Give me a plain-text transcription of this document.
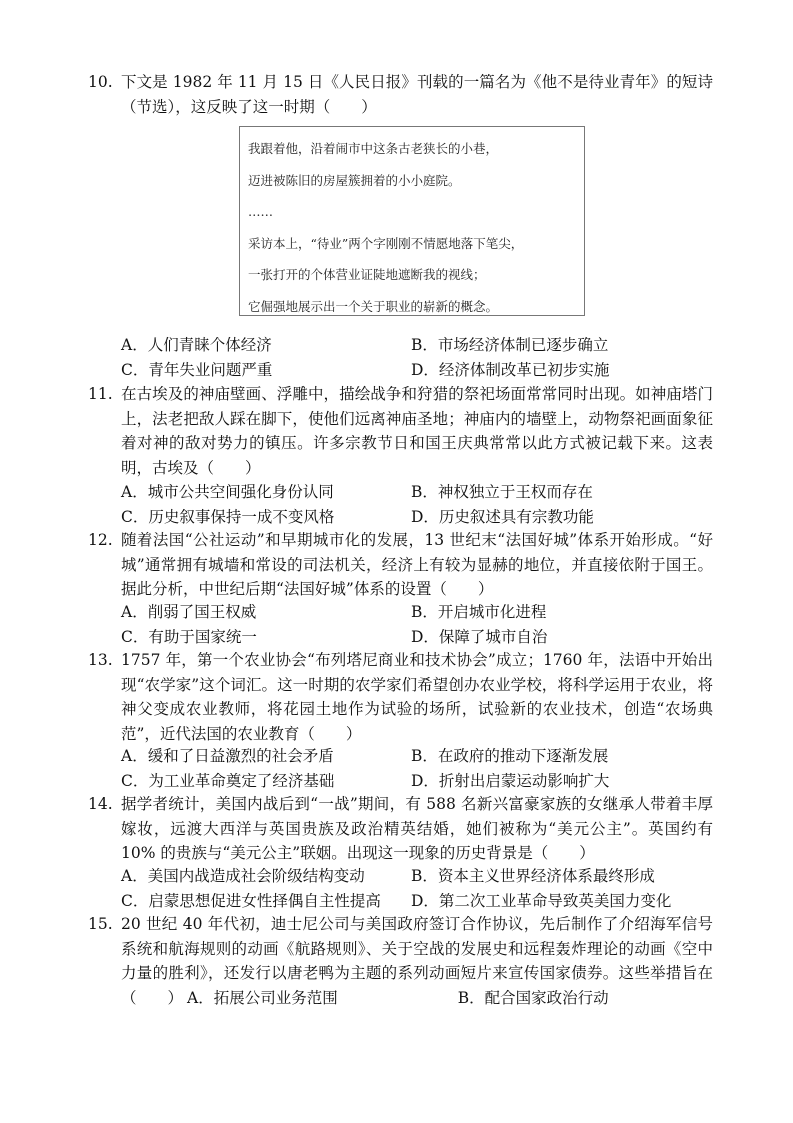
10. 下文是 1982 年 11 月 15 日《人民日报》刊载的一篇名为《他不是待业青年》的短诗（节选），这反映了这一时期（　　）
我跟着他，沿着闹市中这条古老狭长的小巷，
迈进被陈旧的房屋簇拥着的小小庭院。
……
采访本上，“待业”两个字刚刚不情愿地落下笔尖，
一张打开的个体营业证陡地遮断我的视线；
它倔强地展示出一个关于职业的崭新的概念。
A．人们青睐个体经济	B．市场经济体制已逐步确立
C．青年失业问题严重	D．经济体制改革已初步实施
11. 在古埃及的神庙壁画、浮雕中，描绘战争和狩猎的祭祀场面常常同时出现。如神庙塔门上，法老把敌人踩在脚下，使他们远离神庙圣地；神庙内的墙壁上，动物祭祀画面象征着对神的敌对势力的镇压。许多宗教节日和国王庆典常常以此方式被记载下来。这表明，古埃及（　　）
A．城市公共空间强化身份认同	B．神权独立于王权而存在
C．历史叙事保持一成不变风格	D．历史叙述具有宗教功能
12. 随着法国“公社运动”和早期城市化的发展，13 世纪末“法国好城”体系开始形成。“好城”通常拥有城墙和常设的司法机关，经济上有较为显赫的地位，并直接依附于国王。据此分析，中世纪后期“法国好城”体系的设置（　　）
A．削弱了国王权威	B．开启城市化进程
C．有助于国家统一	D．保障了城市自治
13. 1757 年，第一个农业协会“布列塔尼商业和技术协会”成立；1760 年，法语中开始出现“农学家”这个词汇。这一时期的农学家们希望创办农业学校，将科学运用于农业，将神父变成农业教师，将花园土地作为试验的场所，试验新的农业技术，创造“农场典范”，近代法国的农业教育（　　）
A．缓和了日益激烈的社会矛盾	B．在政府的推动下逐渐发展
C．为工业革命奠定了经济基础	D．折射出启蒙运动影响扩大
14. 据学者统计，美国内战后到“一战”期间，有 588 名新兴富豪家族的女继承人带着丰厚嫁妆，远渡大西洋与英国贵族及政治精英结婚，她们被称为“美元公主”。英国约有 10% 的贵族与“美元公主”联姻。出现这一现象的历史背景是（　　）
A．美国内战造成社会阶级结构变动	B．资本主义世界经济体系最终形成
C．启蒙思想促进女性择偶自主性提高 D．第二次工业革命导致英美国力变化
15. 20 世纪 40 年代初，迪士尼公司与美国政府签订合作协议，先后制作了介绍海军信号系统和航海规则的动画《航路规则》、关于空战的发展史和远程轰炸理论的动画《空中力量的胜利》，还发行以唐老鸭为主题的系列动画短片来宣传国家债券。这些举措旨在（　　） A．拓展公司业务范围	B．配合国家政治行动
